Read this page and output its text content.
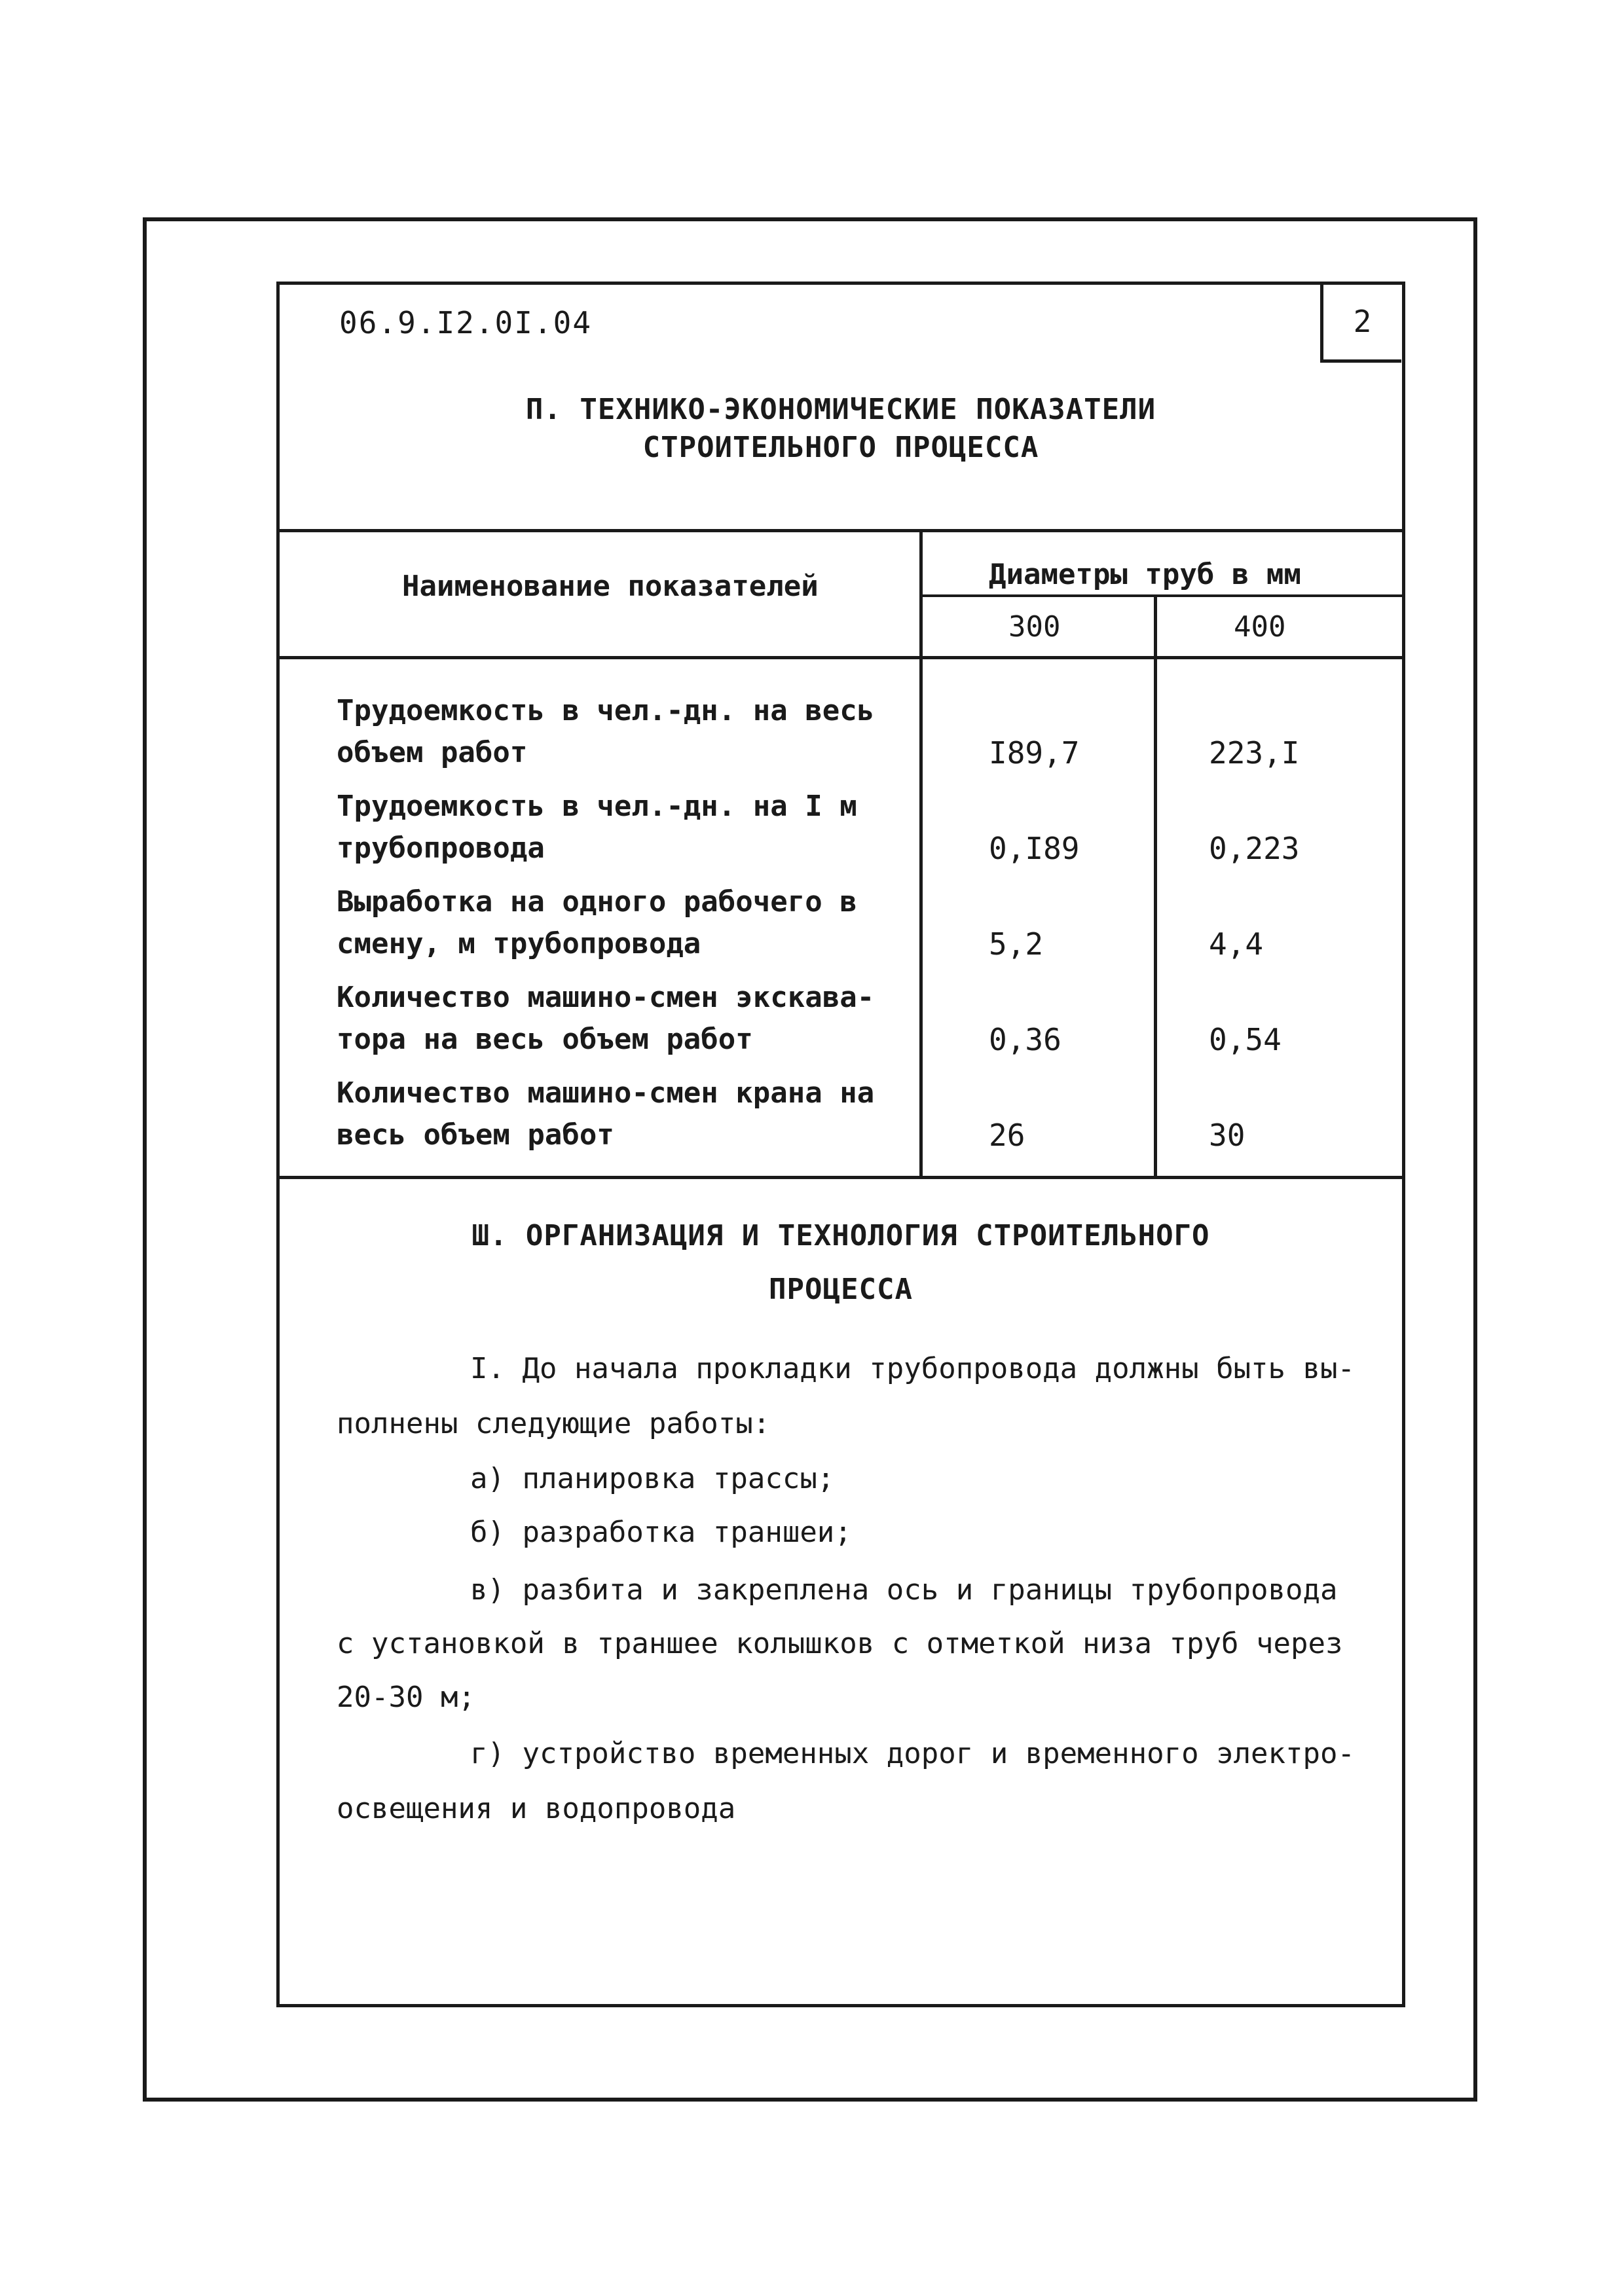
06.9.I2.0I.04	2
П. ТЕХНИКО-ЭКОНОМИЧЕСКИЕ ПОКАЗАТЕЛИ
СТРОИТЕЛЬНОГО ПРОЦЕССА
Наименование показателей	Диаметры труб в мм
300	400
Трудоемкость в чел.-дн. на весь
объем работ	I89,7	223,I
Трудоемкость в чел.-дн. на I м
трубопровода	0,I89	0,223
Выработка на одного рабочего в
смену, м трубопровода	5,2	4,4
Количество машино-смен экскава-
тора на весь объем работ	0,36	0,54
Количество машино-смен крана на
весь объем работ	26	30
Ш. ОРГАНИЗАЦИЯ И ТЕХНОЛОГИЯ СТРОИТЕЛЬНОГО
ПРОЦЕССА
I. До начала прокладки трубопровода должны быть вы-
полнены следующие работы:
а) планировка трассы;
б) разработка траншеи;
в) разбита и закреплена ось и границы трубопровода
с установкой в траншее колышков с отметкой низа труб через
20-30 м;
г) устройство временных дорог и временного электро-
освещения и водопровода
